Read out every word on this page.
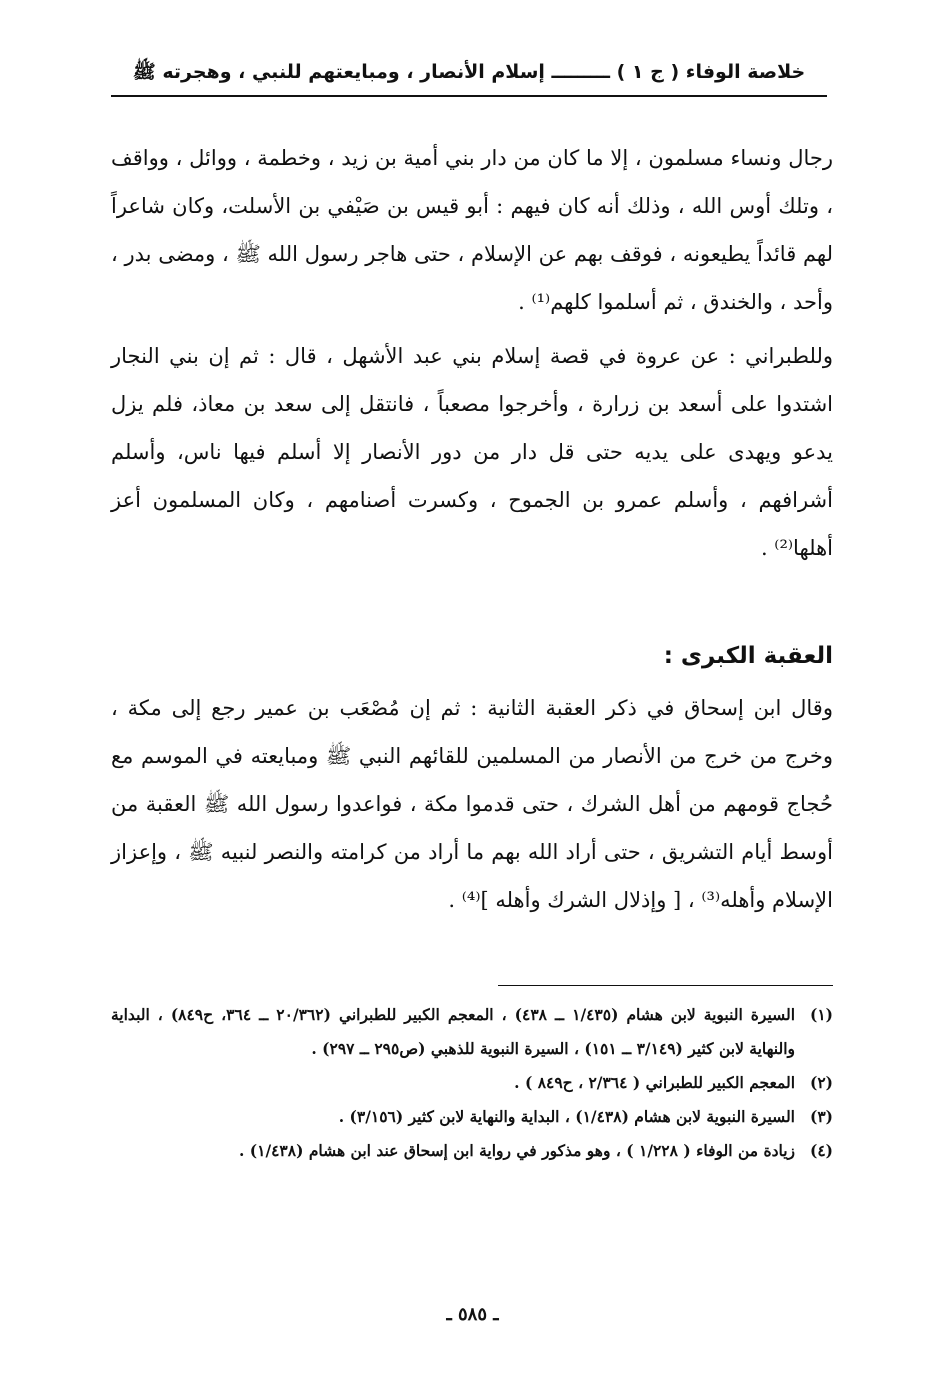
خلاصة الوفاء ( ج ١ ) ـــــــــ إسلام الأنصار ، ومبايعتهم للنبي ، وهجرته ﷺ

رجال ونساء مسلمون ، إلا ما كان من دار بني أمية بن زيد ، وخطمة ، ووائل ، وواقف ، وتلك أوس الله ، وذلك أنه كان فيهم : أبو قيس بن صَيْفي بن الأسلت، وكان شاعراً لهم قائداً يطيعونه ، فوقف بهم عن الإسلام ، حتى هاجر رسول الله ﷺ ، ومضى بدر ، وأحد ، والخندق ، ثم أسلموا كلهم⁽¹⁾ .

وللطبراني : عن عروة في قصة إسلام بني عبد الأشهل ، قال : ثم إن بني النجار اشتدوا على أسعد بن زرارة ، وأخرجوا مصعباً ، فانتقل إلى سعد بن معاذ، فلم يزل يدعو ويهدى على يديه حتى قل دار من دور الأنصار إلا أسلم فيها ناس، وأسلم أشرافهم ، وأسلم عمرو بن الجموح ، وكسرت أصنامهم ، وكان المسلمون أعز أهلها⁽²⁾ .

العقبة الكبرى :

وقال ابن إسحاق في ذكر العقبة الثانية : ثم إن مُصْعَب بن عمير رجع إلى مكة ، وخرج من خرج من الأنصار من المسلمين للقائهم النبي ﷺ ومبايعته في الموسم مع حُجاج قومهم من أهل الشرك ، حتى قدموا مكة ، فواعدوا رسول الله ﷺ العقبة من أوسط أيام التشريق ، حتى أراد الله بهم ما أراد من كرامته والنصر لنبيه ﷺ ، وإعزاز الإسلام وأهله⁽³⁾ ، [ وإذلال الشرك وأهله ]⁽⁴⁾ .

(١)
السيرة النبوية لابن هشام (١/٤٣٥ ــ ٤٣٨) ، المعجم الكبير للطبراني (٢٠/٣٦٢ ــ ٣٦٤، ح٨٤٩) ، البداية والنهاية لابن كثير (٣/١٤٩ ــ ١٥١) ، السيرة النبوية للذهبي (ص٢٩٥ ــ ٢٩٧) .
(٢)
المعجم الكبير للطبراني ( ٢/٣٦٤ ، ح٨٤٩ ) .
(٣)
السيرة النبوية لابن هشام (١/٤٣٨) ، البداية والنهاية لابن كثير (٣/١٥٦) .
(٤)
زيادة من الوفاء ( ١/٢٢٨ ) ، وهو مذكور في رواية ابن إسحاق عند ابن هشام (١/٤٣٨) .
ـ ٥٨٥ ـ
